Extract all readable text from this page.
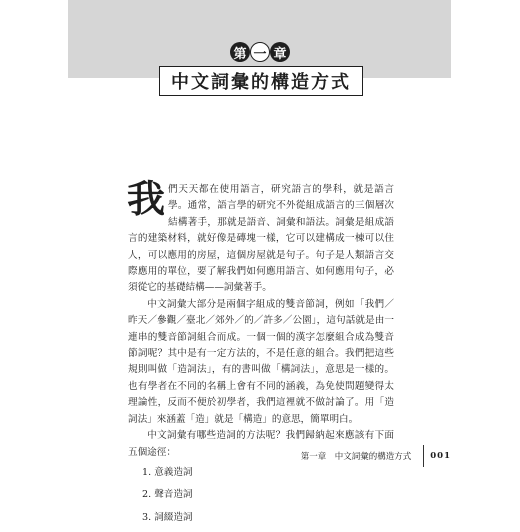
第 一 章
中文詞彙的構造方式

我們天天都在使用語言，研究語言的學科，就是語言學。通常，語言學的研究不外從組成語言的三個層次結構著手，那就是語音、詞彙和語法。詞彙是組成語言的建築材料，就好像是磚塊一樣，它可以建構成一棟可以住人，可以應用的房屋，這個房屋就是句子。句子是人類語言交際應用的單位，要了解我們如何應用語言、如何應用句子，必須從它的基礎結構——詞彙著手。

中文詞彙大部分是兩個字組成的雙音節詞，例如「我們／昨天／參觀／臺北／郊外／的／許多／公園」，這句話就是由一連串的雙音節詞組合而成。一個一個的漢字怎麼組合成為雙音節詞呢？其中是有一定方法的，不是任意的組合。我們把這些規則叫做「造詞法」，有的書叫做「構詞法」，意思是一樣的。也有學者在不同的名稱上會有不同的涵義，為免使問題變得太理論性，反而不便於初學者，我們這裡就不做討論了。用「造詞法」來涵蓋「造」就是「構造」的意思，簡單明白。

中文詞彙有哪些造詞的方法呢？我們歸納起來應該有下面五個途徑：

1. 意義造詞
2. 聲音造詞
3. 詞綴造詞
第一章　中文詞彙的構造方式 001
